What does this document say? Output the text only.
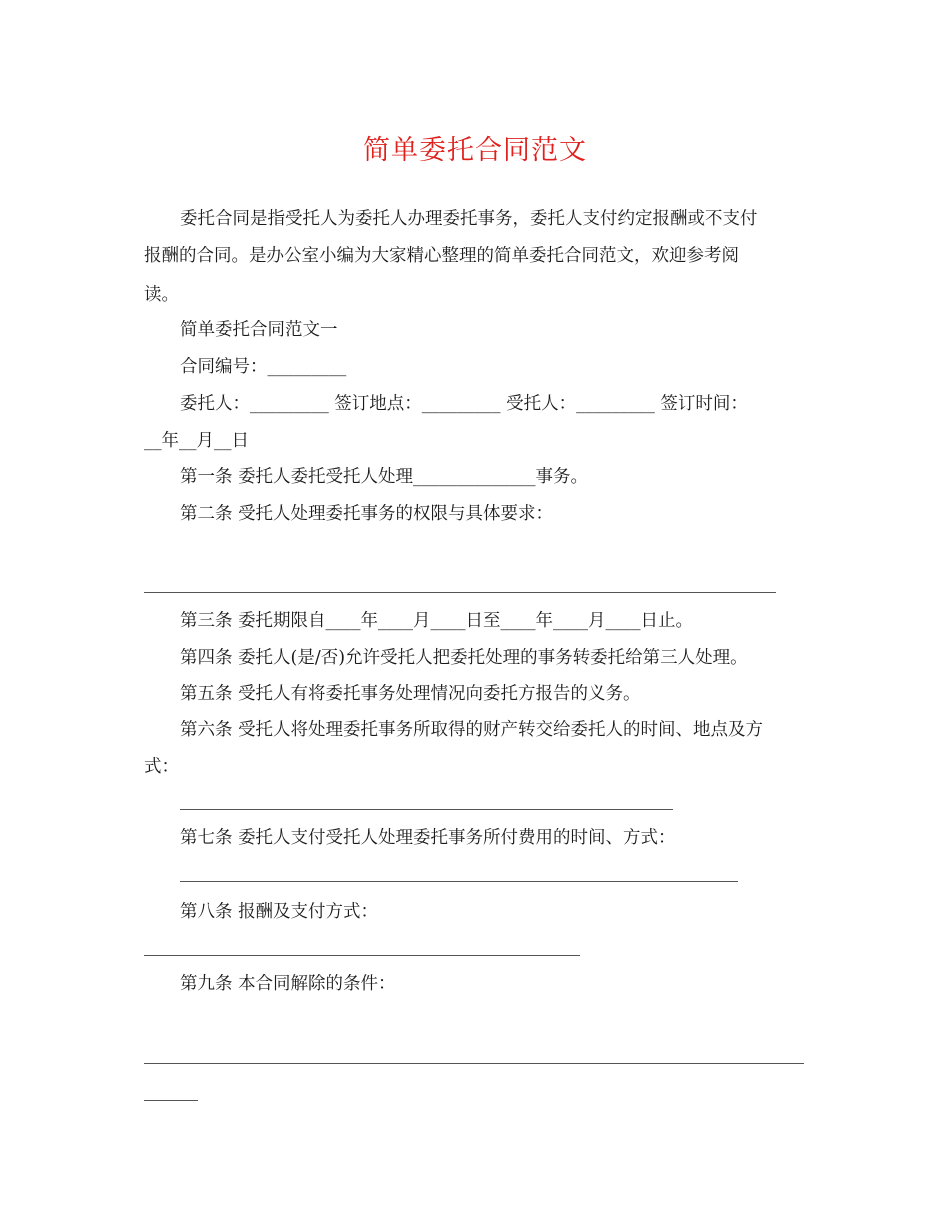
简单委托合同范文
委托合同是指受托人为委托人办理委托事务，委托人支付约定报酬或不支付
报酬的合同。是办公室小编为大家精心整理的简单委托合同范文，欢迎参考阅
读。
简单委托合同范文一
合同编号：_________
委托人：_________ 签订地点：_________ 受托人：_________ 签订时间：
__年__月__日
第一条 委托人委托受托人处理______________事务。
第二条 受托人处理委托事务的权限与具体要求：
第三条 委托期限自____年____月____日至____年____月____日止。
第四条 委托人(是/否)允许受托人把委托处理的事务转委托给第三人处理。
第五条 受托人有将委托事务处理情况向委托方报告的义务。
第六条 受托人将处理委托事务所取得的财产转交给委托人的时间、地点及方
式：
第七条 委托人支付受托人处理委托事务所付费用的时间、方式：
第八条 报酬及支付方式：
第九条 本合同解除的条件：
